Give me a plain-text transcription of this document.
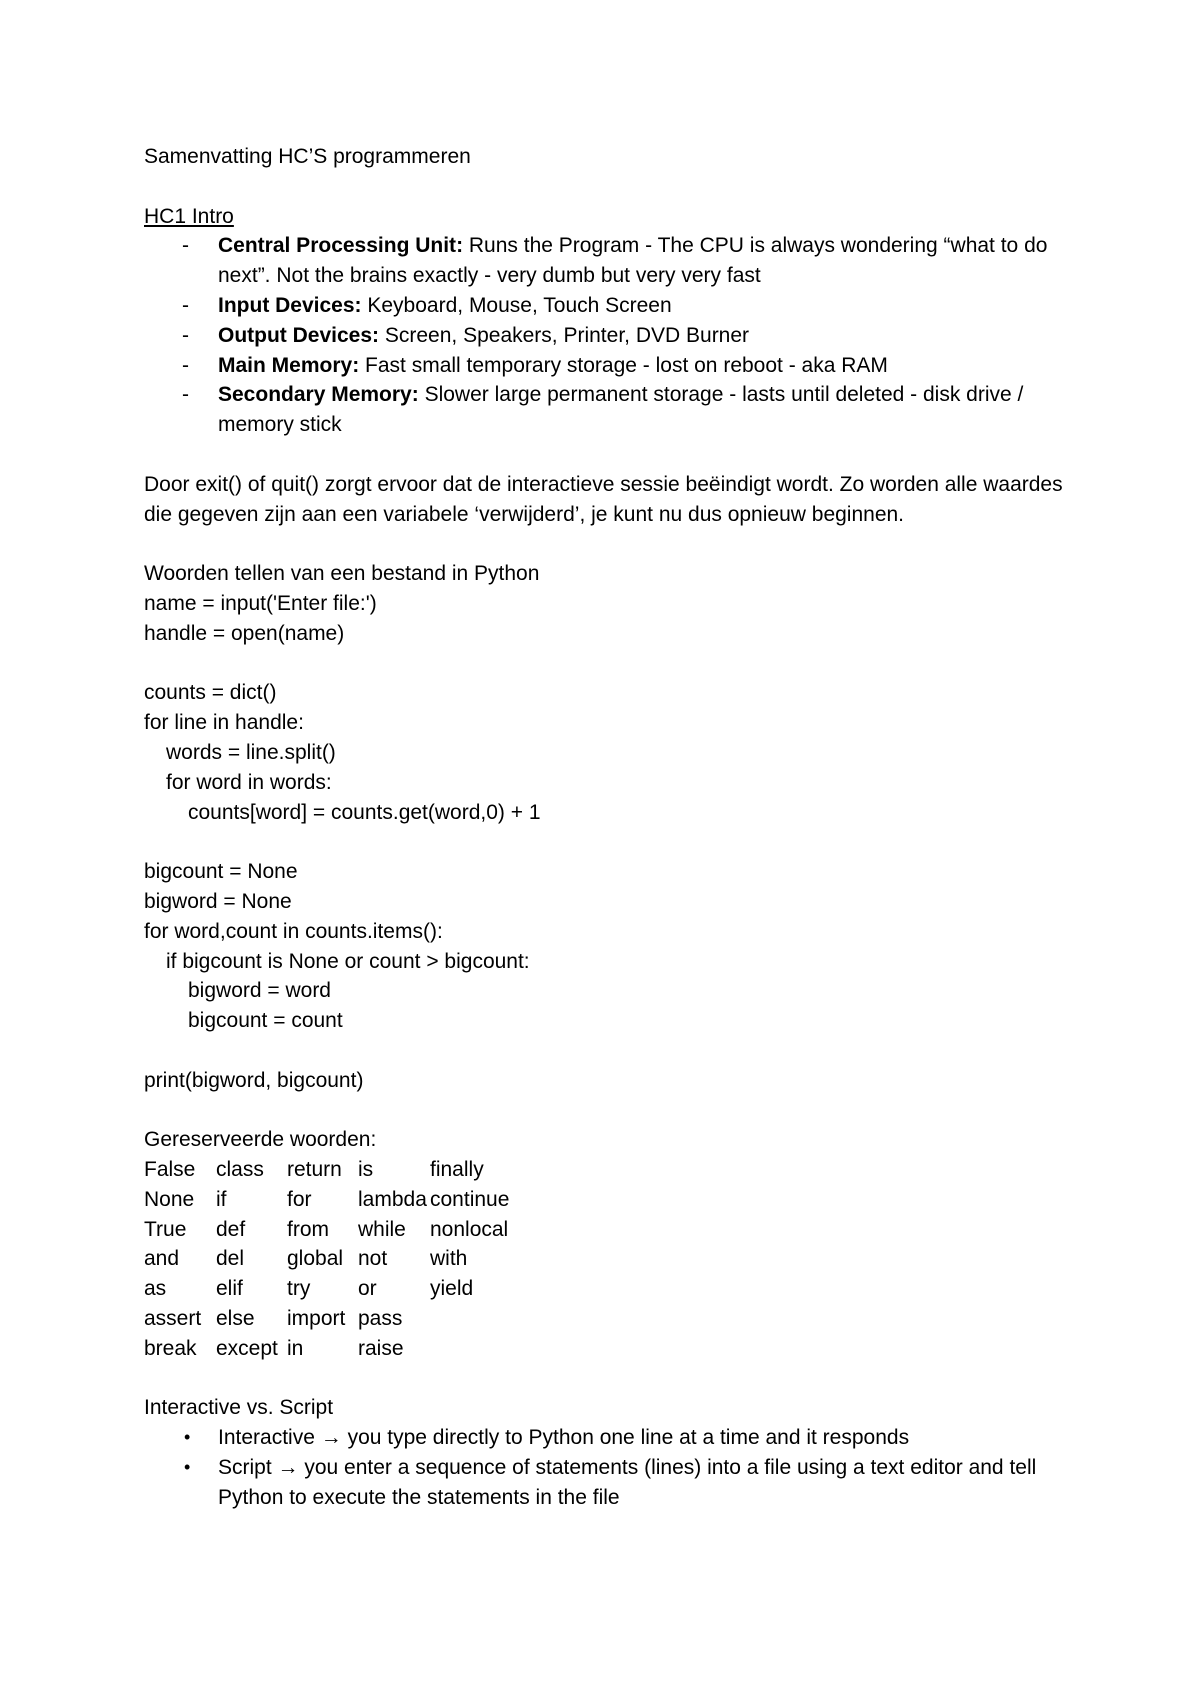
Samenvatting HC’S programmeren
HC1 Intro
- Central Processing Unit: Runs the Program - The CPU is always wondering “what to do next”. Not the brains exactly - very dumb but very very fast
- Input Devices: Keyboard, Mouse, Touch Screen
- Output Devices: Screen, Speakers, Printer, DVD Burner
- Main Memory: Fast small temporary storage - lost on reboot - aka RAM
- Secondary Memory: Slower large permanent storage - lasts until deleted - disk drive / memory stick
Door exit() of quit() zorgt ervoor dat de interactieve sessie beëindigt wordt. Zo worden alle waardes die gegeven zijn aan een variabele ‘verwijderd’, je kunt nu dus opnieuw beginnen.
Woorden tellen van een bestand in Python
name = input('Enter file:')
handle = open(name)
counts = dict()
for line in handle:
words = line.split()
for word in words:
counts[word] = counts.get(word,0) + 1
bigcount = None
bigword = None
for word,count in counts.items():
if bigcount is None or count > bigcount:
bigword = word
bigcount = count
print(bigword, bigcount)
Gereserveerde woorden:
False	class	return	is	finally
None	if	for	lambda	continue
True	def	from	while	nonlocal
and	del	global	not	with
as	elif	try	or	yield
assert	else	import	pass	
break	except	in	raise	
Interactive vs. Script
• Interactive → you type directly to Python one line at a time and it responds
• Script → you enter a sequence of statements (lines) into a file using a text editor and tell Python to execute the statements in the file
